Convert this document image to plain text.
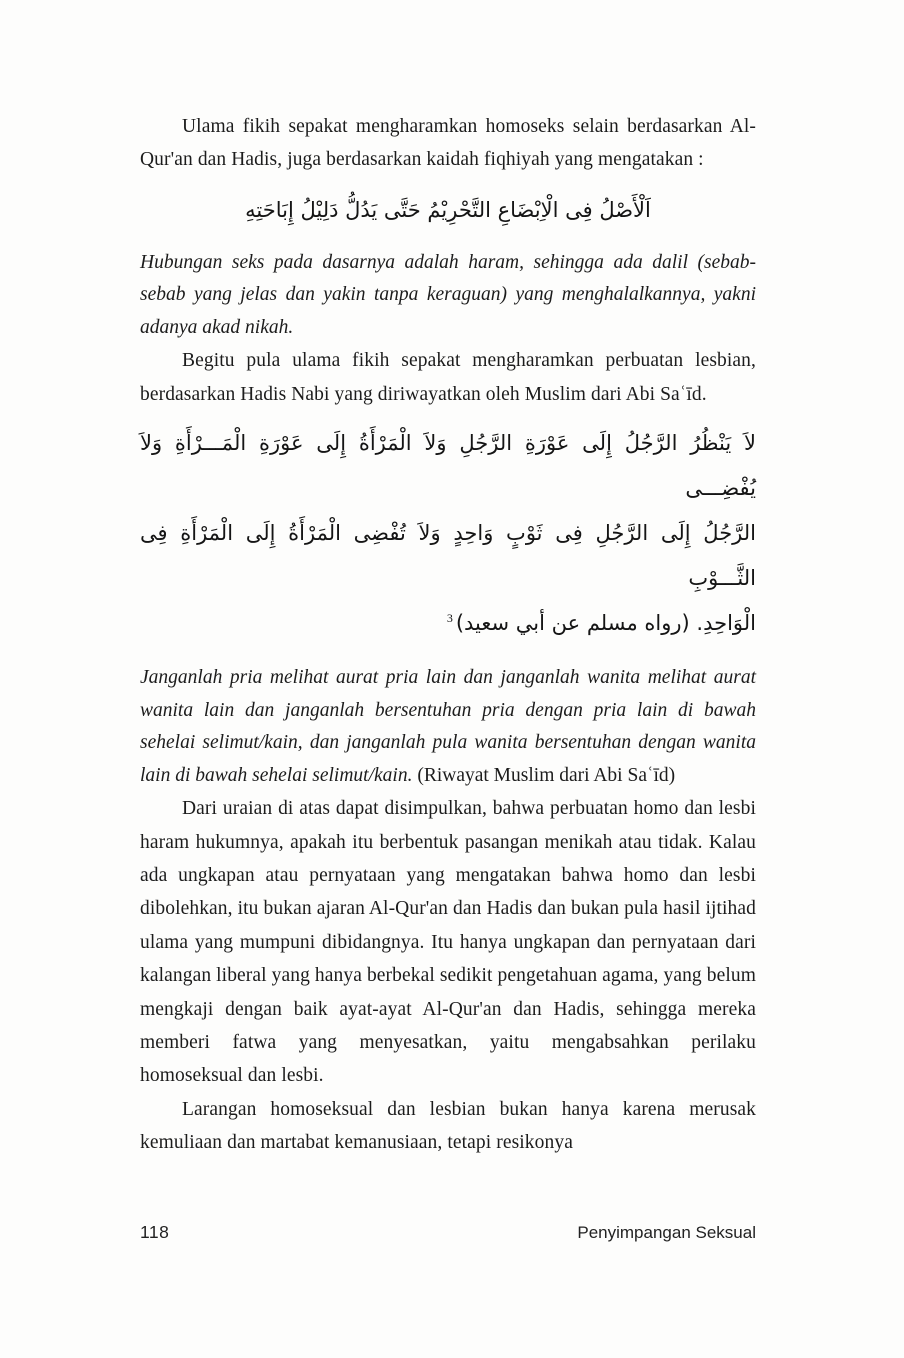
Ulama fikih sepakat mengharamkan homoseks selain berdasarkan Al-Qur'an dan Hadis, juga berdasarkan kaidah fiqhiyah yang mengatakan :

اَلْأَصْلُ فِى الْاِبْضَاعِ التَّحْرِيْمُ حَتَّى يَدُلُّ دَلِيْلُ إِبَاحَتِهِ

Hubungan seks pada dasarnya adalah haram, sehingga ada dalil (sebab-sebab yang jelas dan yakin tanpa keraguan) yang menghalalkannya, yakni adanya akad nikah.

Begitu pula ulama fikih sepakat mengharamkan perbuatan lesbian, berdasarkan Hadis Nabi yang diriwayatkan oleh Muslim dari Abi Saʿīd.

لاَ يَنْظُرُ الرَّجُلُ إِلَى عَوْرَةِ الرَّجُلِ وَلاَ الْمَرْأَةُ إِلَى عَوْرَةِ الْمَـــرْأَةِ وَلاَ يُفْضِـــى
الرَّجُلُ إِلَى الرَّجُلِ فِى ثَوْبٍ وَاحِدٍ وَلاَ تُفْضِى الْمَرْأَةُ إِلَى الْمَرْأَةِ فِى الثَّـــوْبِ
الْوَاحِدِ. (رواه مسلم عن أبي سعيد)$^3$

Janganlah pria melihat aurat pria lain dan janganlah wanita melihat aurat wanita lain dan janganlah bersentuhan pria dengan pria lain di bawah sehelai selimut/kain, dan janganlah pula wanita bersentuhan dengan wanita lain di bawah sehelai selimut/kain. (Riwayat Muslim dari Abi Saʿīd)

Dari uraian di atas dapat disimpulkan, bahwa perbuatan homo dan lesbi haram hukumnya, apakah itu berbentuk pasangan menikah atau tidak. Kalau ada ungkapan atau pernyataan yang mengatakan bahwa homo dan lesbi dibolehkan, itu bukan ajaran Al-Qur'an dan Hadis dan bukan pula hasil ijtihad ulama yang mumpuni dibidangnya. Itu hanya ungkapan dan pernyataan dari kalangan liberal yang hanya berbekal sedikit pengetahuan agama, yang belum mengkaji dengan baik ayat-ayat Al-Qur'an dan Hadis, sehingga mereka memberi fatwa yang menyesatkan, yaitu mengabsahkan perilaku homoseksual dan lesbi.

Larangan homoseksual dan lesbian bukan hanya karena merusak kemuliaan dan martabat kemanusiaan, tetapi resikonya

118	Penyimpangan Seksual
